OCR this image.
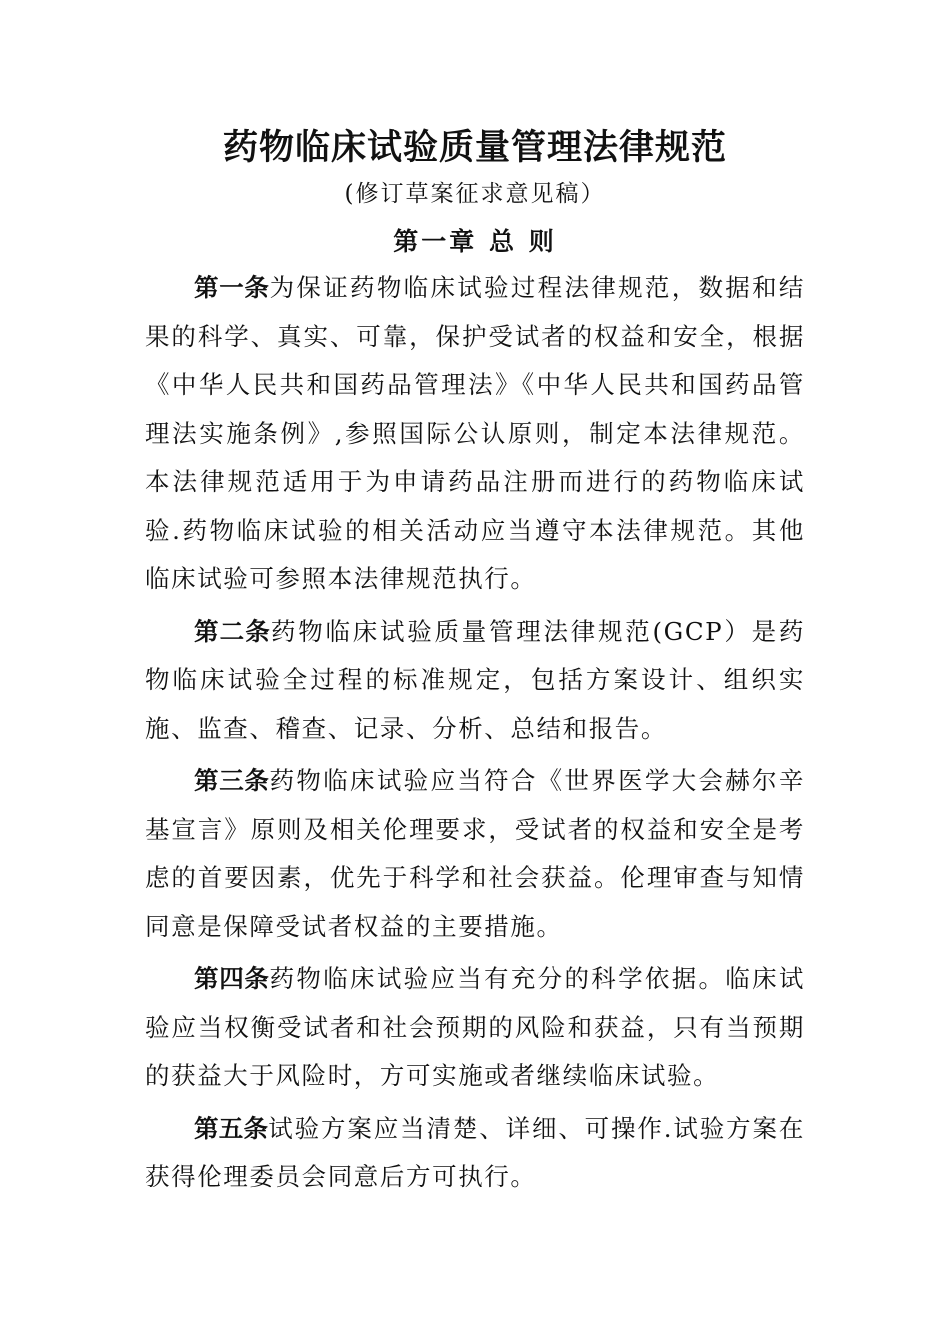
药物临床试验质量管理法律规范

(修订草案征求意见稿）

第一章 总 则

第一条为保证药物临床试验过程法律规范，数据和结果的科学、真实、可靠，保护受试者的权益和安全，根据《中华人民共和国药品管理法》《中华人民共和国药品管理法实施条例》,参照国际公认原则，制定本法律规范。本法律规范适用于为申请药品注册而进行的药物临床试验.药物临床试验的相关活动应当遵守本法律规范。其他临床试验可参照本法律规范执行。

第二条药物临床试验质量管理法律规范(GCP）是药物临床试验全过程的标准规定，包括方案设计、组织实施、监查、稽查、记录、分析、总结和报告。

第三条药物临床试验应当符合《世界医学大会赫尔辛基宣言》原则及相关伦理要求，受试者的权益和安全是考虑的首要因素，优先于科学和社会获益。伦理审查与知情同意是保障受试者权益的主要措施。

第四条药物临床试验应当有充分的科学依据。临床试验应当权衡受试者和社会预期的风险和获益，只有当预期的获益大于风险时，方可实施或者继续临床试验。

第五条试验方案应当清楚、详细、可操作.试验方案在获得伦理委员会同意后方可执行。
